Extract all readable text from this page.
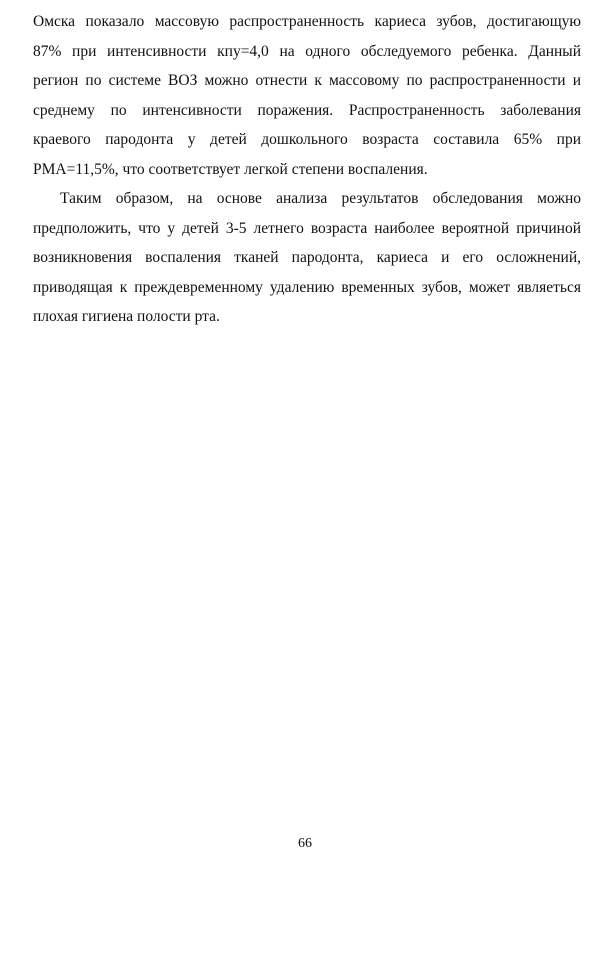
Омска показало массовую распространенность кариеса зубов, достигающую
87% при интенсивности кпу=4,0 на одного обследуемого ребенка. Данный
регион по системе ВОЗ можно отнести к массовому по распространенности и
среднему по интенсивности поражения. Распространенность заболевания
краевого пародонта у детей дошкольного возраста составила 65% при
РМА=11,5%, что соответствует легкой степени воспаления.

Таким образом, на основе анализа результатов обследования можно
предположить, что у детей 3-5 летнего возраста наиболее вероятной причиной
возникновения воспаления тканей пародонта, кариеса и его осложнений,
приводящая к преждевременному удалению временных зубов, может являеться
плохая гигиена полости рта.

66
